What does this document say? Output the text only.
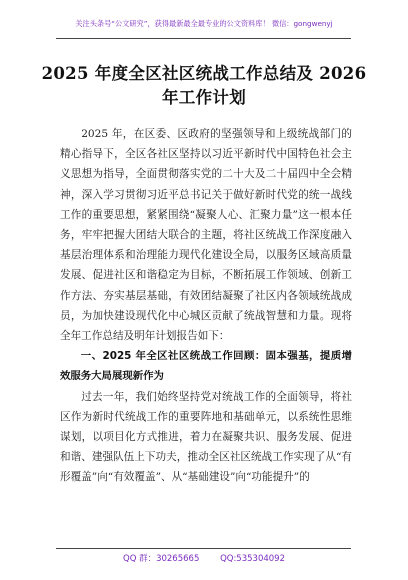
关注头条号“公文研究”，获得最新最全最专业的公文资料库！ 微信：gongwenyj
2025 年度全区社区统战工作总结及 2026 年工作计划

2025 年，在区委、区政府的坚强领导和上级统战部门的精心指导下，全区各社区坚持以习近平新时代中国特色社会主义思想为指导，全面贯彻落实党的二十大及二十届四中全会精神，深入学习贯彻习近平总书记关于做好新时代党的统一战线工作的重要思想，紧紧围绕“凝聚人心、汇聚力量”这一根本任务，牢牢把握大团结大联合的主题，将社区统战工作深度融入基层治理体系和治理能力现代化建设全局，以服务区域高质量发展、促进社区和谐稳定为目标，不断拓展工作领域、创新工作方法、夯实基层基础，有效团结凝聚了社区内各领域统战成员，为加快建设现代化中心城区贡献了统战智慧和力量。现将全年工作总结及明年计划报告如下：

一、2025 年全区社区统战工作回顾：固本强基，提质增效服务大局展现新作为

过去一年，我们始终坚持党对统战工作的全面领导，将社区作为新时代统战工作的重要阵地和基础单元，以系统性思维谋划，以项目化方式推进，着力在凝聚共识、服务发展、促进和谐、建强队伍上下功夫，推动全区社区统战工作实现了从“有形覆盖”向“有效覆盖”、从“基础建设”向“功能提升”的

QQ 群：30265665 QQ:535304092
